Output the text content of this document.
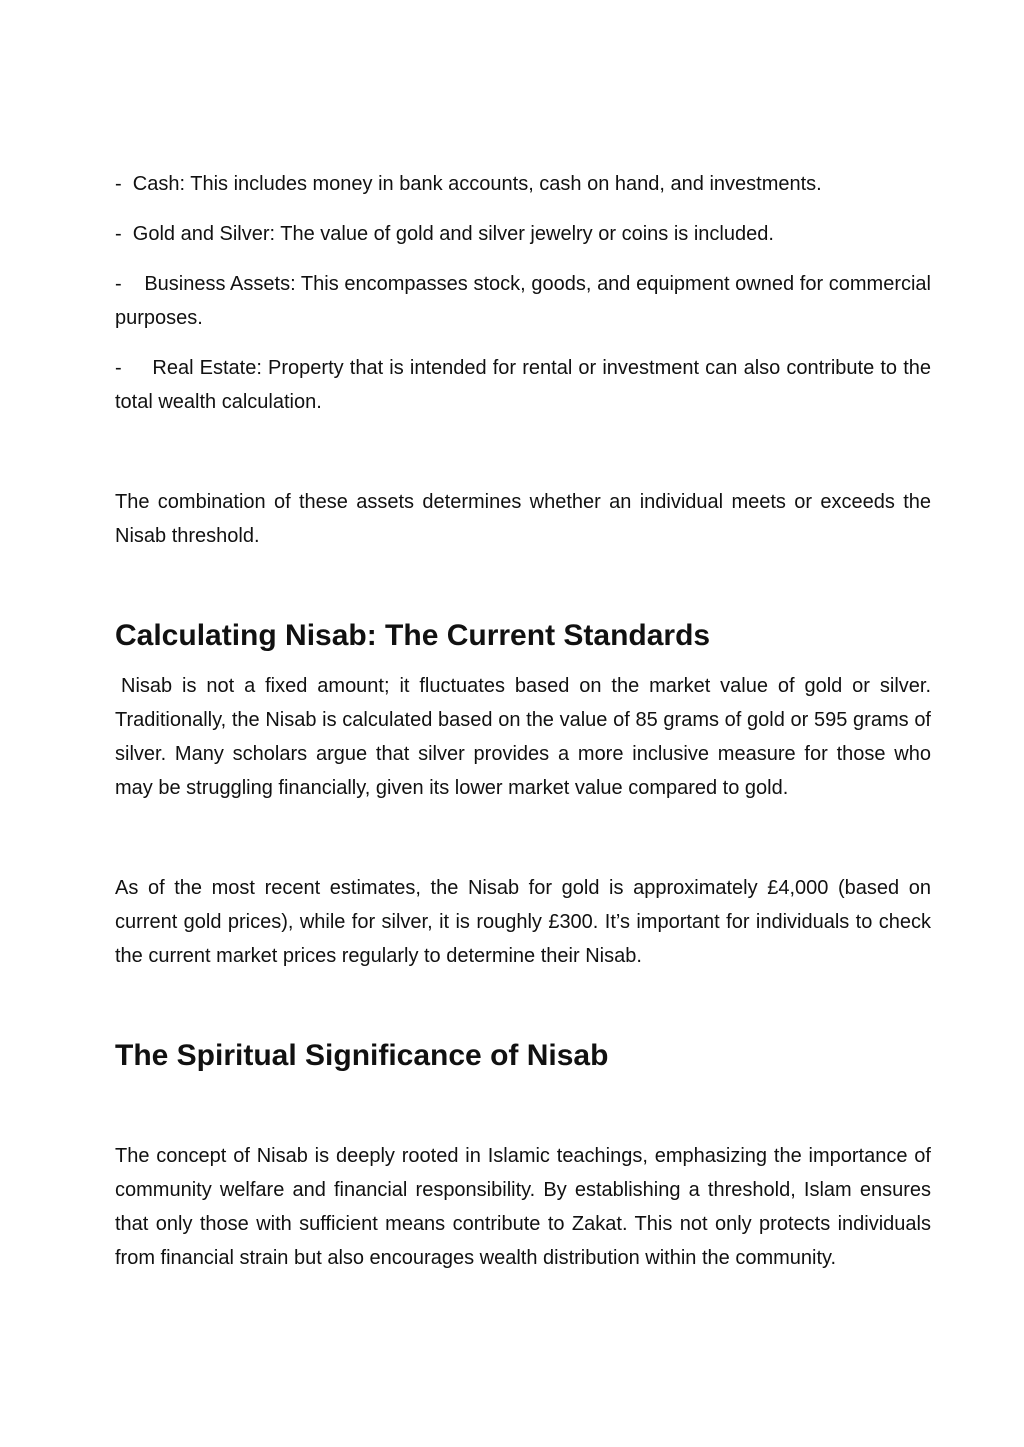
- Cash: This includes money in bank accounts, cash on hand, and investments.

- Gold and Silver: The value of gold and silver jewelry or coins is included.

- Business Assets: This encompasses stock, goods, and equipment owned for commercial purposes.

- Real Estate: Property that is intended for rental or investment can also contribute to the total wealth calculation.

The combination of these assets determines whether an individual meets or exceeds the Nisab threshold.

Calculating Nisab: The Current Standards

Nisab is not a fixed amount; it fluctuates based on the market value of gold or silver. Traditionally, the Nisab is calculated based on the value of 85 grams of gold or 595 grams of silver. Many scholars argue that silver provides a more inclusive measure for those who may be struggling financially, given its lower market value compared to gold.

As of the most recent estimates, the Nisab for gold is approximately £4,000 (based on current gold prices), while for silver, it is roughly £300. It’s important for individuals to check the current market prices regularly to determine their Nisab.

The Spiritual Significance of Nisab

The concept of Nisab is deeply rooted in Islamic teachings, emphasizing the importance of community welfare and financial responsibility. By establishing a threshold, Islam ensures that only those with sufficient means contribute to Zakat. This not only protects individuals from financial strain but also encourages wealth distribution within the community.
